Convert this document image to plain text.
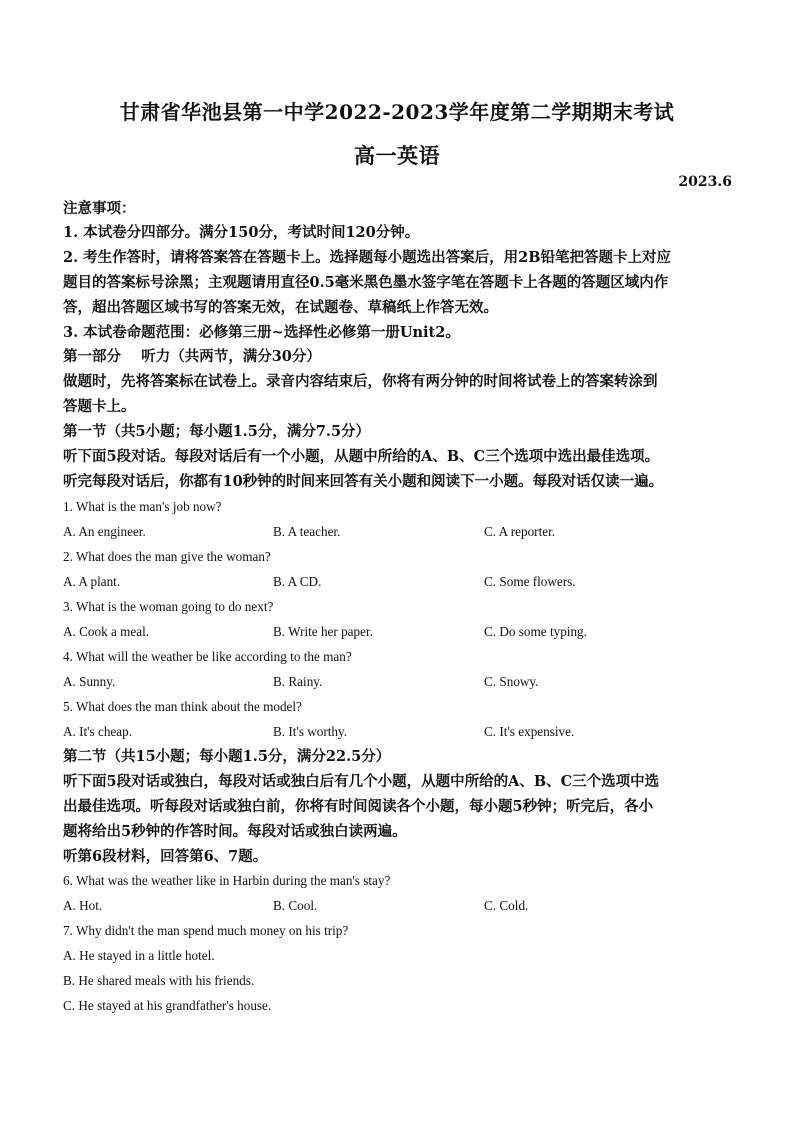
甘肃省华池县第一中学2022-2023学年度第二学期期末考试
高一英语
2023.6
注意事项：
1. 本试卷分四部分。满分150分，考试时间120分钟。
2. 考生作答时，请将答案答在答题卡上。选择题每小题选出答案后，用2B铅笔把答题卡上对应
题目的答案标号涂黑；主观题请用直径0.5毫米黑色墨水签字笔在答题卡上各题的答题区域内作
答，超出答题区域书写的答案无效，在试题卷、草稿纸上作答无效。
3. 本试卷命题范围：必修第三册~选择性必修第一册Unit2。
第一部分    听力（共两节，满分30分）
做题时，先将答案标在试卷上。录音内容结束后，你将有两分钟的时间将试卷上的答案转涂到
答题卡上。
第一节（共5小题；每小题1.5分，满分7.5分）
听下面5段对话。每段对话后有一个小题，从题中所给的A、B、C三个选项中选出最佳选项。
听完每段对话后，你都有10秒钟的时间来回答有关小题和阅读下一小题。每段对话仅读一遍。
1. What is the man's job now?
A. An engineer.	B. A teacher.	C. A reporter.
2. What does the man give the woman?
A. A plant.	B. A CD.	C. Some flowers.
3. What is the woman going to do next?
A. Cook a meal.	B. Write her paper.	C. Do some typing.
4. What will the weather be like according to the man?
A. Sunny.	B. Rainy.	C. Snowy.
5. What does the man think about the model?
A. It's cheap.	B. It's worthy.	C. It's expensive.
第二节（共15小题；每小题1.5分，满分22.5分）
听下面5段对话或独白，每段对话或独白后有几个小题，从题中所给的A、B、C三个选项中选
出最佳选项。听每段对话或独白前，你将有时间阅读各个小题，每小题5秒钟；听完后，各小
题将给出5秒钟的作答时间。每段对话或独白读两遍。
听第6段材料，回答第6、7题。
6. What was the weather like in Harbin during the man's stay?
A. Hot.	B. Cool.	C. Cold.
7. Why didn't the man spend much money on his trip?
A. He stayed in a little hotel.
B. He shared meals with his friends.
C. He stayed at his grandfather's house.
